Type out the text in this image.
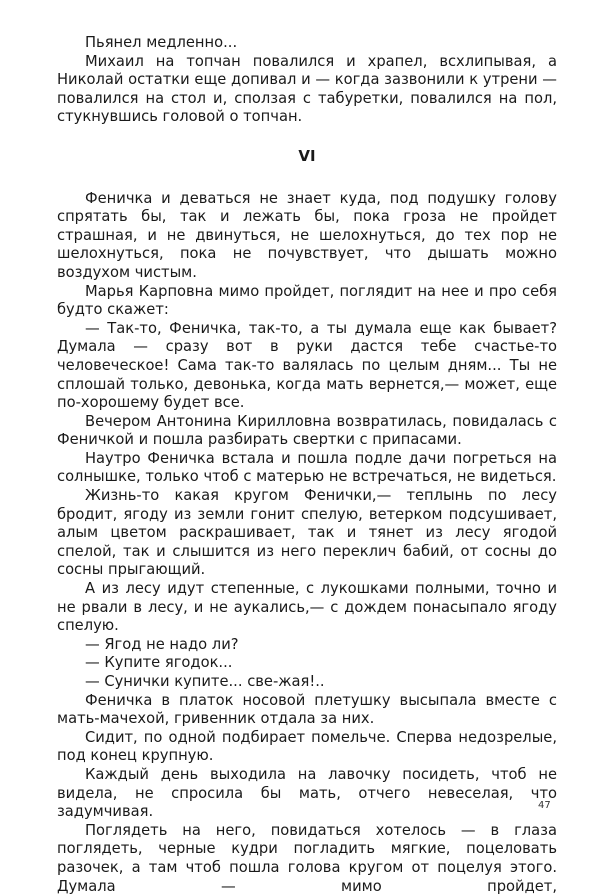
Пьянел медленно...

Михаил на топчан повалился и храпел, всхлипывая, а Николай остатки еще допивал и — когда зазвонили к утрени — повалился на стол и, сползая с табуретки, повалился на пол, стукнувшись головой о топчан.

VI

Феничка и деваться не знает куда, под подушку голову спрятать бы, так и лежать бы, пока гроза не пройдет страшная, и не двинуться, не шелохнуться, до тех пор не шелохнуться, пока не почувствует, что дышать можно воздухом чистым.

Марья Карповна мимо пройдет, поглядит на нее и про себя будто скажет:

— Так-то, Феничка, так-то, а ты думала еще как бывает? Думала — сразу вот в руки дастся тебе счастье-то человеческое! Сама так-то валялась по целым дням... Ты не сплошай только, девонька, когда мать вернется,— может, еще по-хорошему будет все.

Вечером Антонина Кирилловна возвратилась, повидалась с Феничкой и пошла разбирать свертки с припасами.

Наутро Феничка встала и пошла подле дачи погреться на солнышке, только чтоб с матерью не встречаться, не видеться.

Жизнь-то какая кругом Фенички,— теплынь по лесу бродит, ягоду из земли гонит спелую, ветерком подсушивает, алым цветом раскрашивает, так и тянет из лесу ягодой спелой, так и слышится из него переклич бабий, от сосны до сосны прыгающий.

А из лесу идут степенные, с лукошками полными, точно и не рвали в лесу, и не аукались,— с дождем понасыпало ягоду спелую.

— Ягод не надо ли?

— Купите ягодок...

— Сунички купите... све-жая!..

Феничка в платок носовой плетушку высыпала вместе с мать-мачехой, гривенник отдала за них.

Сидит, по одной подбирает помельче. Сперва недозрелые, под конец крупную.

Каждый день выходила на лавочку посидеть, чтоб не видела, не спросила бы мать, отчего невеселая, что задумчивая.

Поглядеть на него, повидаться хотелось — в глаза поглядеть, черные кудри погладить мягкие, поцеловать разочек, а там чтоб пошла голова кругом от поцелуя этого. Думала — мимо пройдет,

47
